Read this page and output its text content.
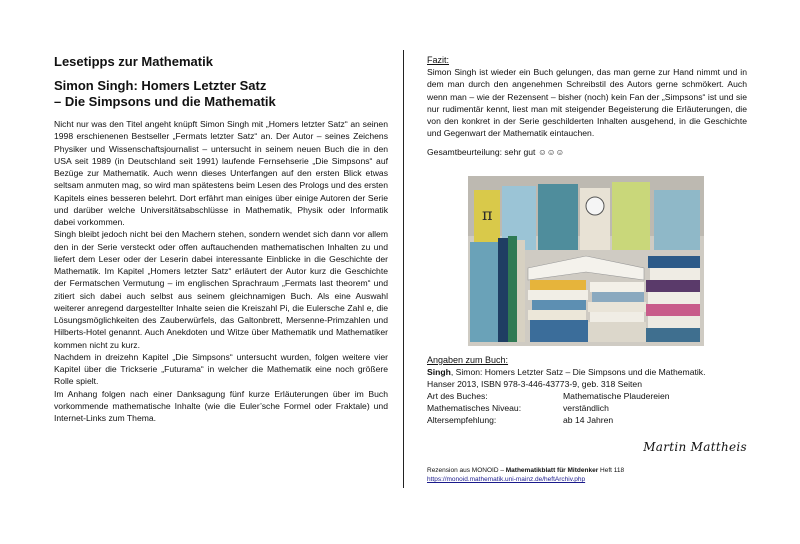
Lesetipps zur Mathematik
Simon Singh: Homers Letzter Satz
– Die Simpsons und die Mathematik

Nicht nur was den Titel angeht knüpft Simon Singh mit „Homers letzter Satz“ an seinen 1998 erschienenen Bestseller „Fermats letzter Satz“ an. Der Autor – seines Zeichens Physiker und Wissenschaftsjournalist – untersucht in seinem neuen Buch die in den USA seit 1989 (in Deutschland seit 1991) laufende Fernsehserie „Die Simpsons“ auf Bezüge zur Mathematik. Auch wenn dieses Unterfangen auf den ersten Blick etwas seltsam anmuten mag, so wird man spätestens beim Lesen des Prologs und des ersten Kapitels eines besseren belehrt. Dort erfährt man einiges über einige Autoren der Serie und darüber welche Universitätsabschlüsse in Mathematik, Physik oder Informatik dabei vorkommen.

Singh bleibt jedoch nicht bei den Machern stehen, sondern wendet sich dann vor allem den in der Serie versteckt oder offen auftauchenden mathematischen Inhalten zu und liefert dem Leser oder der Leserin dabei interessante Einblicke in die Geschichte der Mathematik. Im Kapitel „Homers letzter Satz“ erläutert der Autor kurz die Geschichte der Fermatschen Vermutung – im englischen Sprachraum „Fermats last theorem“ und zitiert sich dabei auch selbst aus seinem gleichnamigen Buch. Als eine Auswahl weiterer anregend dargestellter Inhalte seien die Kreiszahl Pi, die Eulersche Zahl e, die Lösungsmöglichkeiten des Zauberwürfels, das Galtonbrett, Mersenne-Primzahlen und Hilberts-Hotel genannt. Auch Anekdoten und Witze über Mathematik und Mathematiker kommen nicht zu kurz.

Nachdem in dreizehn Kapitel „Die Simpsons“ untersucht wurden, folgen weitere vier Kapitel über die Trickserie „Futurama“ in welcher die Mathematik eine noch größere Rolle spielt.

Im Anhang folgen nach einer Danksagung fünf kurze Erläuterungen über im Buch vorkommende mathematische Inhalte (wie die Euler’sche Formel oder Fraktale) und Internet-Links zum Thema.

Fazit:

Simon Singh ist wieder ein Buch gelungen, das man gerne zur Hand nimmt und in dem man durch den angenehmen Schreibstil des Autors gerne schmökert. Auch wenn man – wie der Rezensent – bisher (noch) kein Fan der „Simpsons“ ist und sie nur rudimentär kennt, liest man mit steigender Begeisterung die Erläuterungen, die von den konkret in der Serie geschilderten Inhalten ausgehend, in die Geschichte und Gegenwart der Mathematik eintauchen.

Gesamtbeurteilung: sehr gut ☺☺☺

π

Angaben zum Buch:

Singh, Simon: Homers Letzter Satz – Die Simpsons und die Mathematik.
Hanser 2013, ISBN 978-3-446-43773-9, geb. 318 Seiten
Art des Buches:	Mathematische Plaudereien
Mathematisches Niveau:	verständlich
Altersempfehlung:	ab 14 Jahren
Martin Mattheis
Rezension aus MONOID – Mathematikblatt für Mitdenker Heft 118
https://monoid.mathematik.uni-mainz.de/heftArchiv.php
